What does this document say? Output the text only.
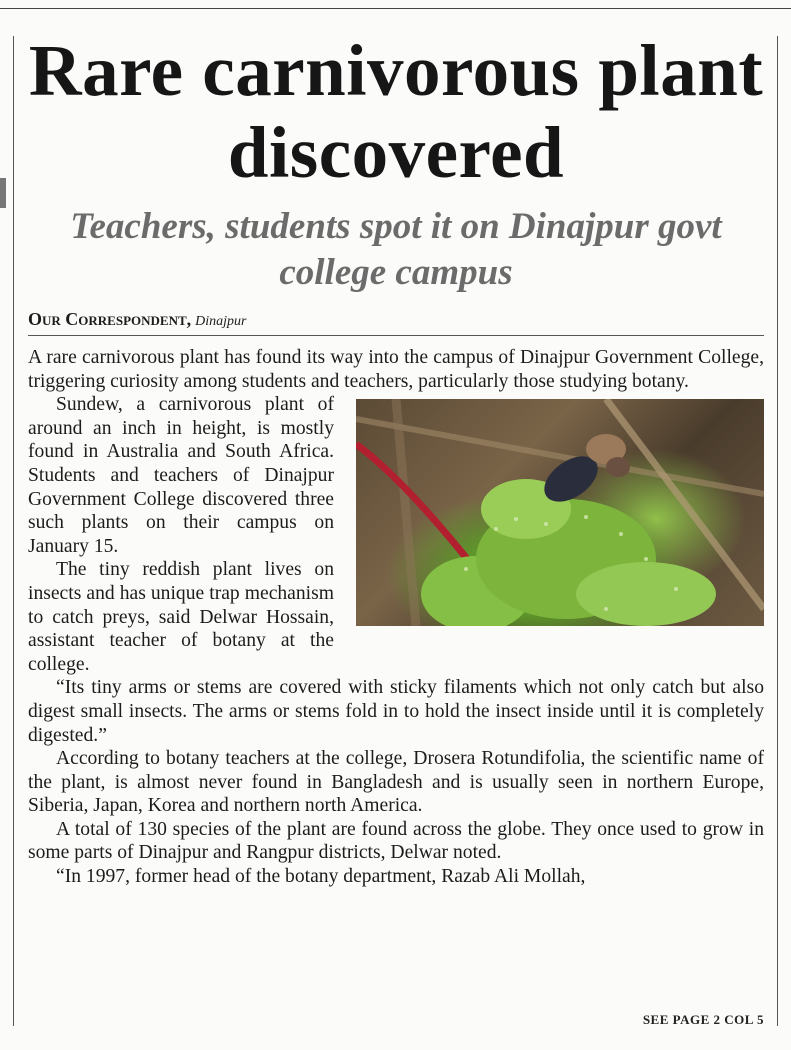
Rare carnivorous plant discovered
Teachers, students spot it on Dinajpur govt college campus
Our Correspondent, Dinajpur

A rare carnivorous plant has found its way into the campus of Dinajpur Government College, triggering curiosity among students and teachers, particularly those studying botany.

Sundew, a carnivorous plant of around an inch in height, is mostly found in Australia and South Africa. Students and teachers of Dinajpur Government College discovered three such plants on their campus on January 15.

The tiny reddish plant lives on insects and has unique trap mechanism to catch preys, said Delwar Hossain, assistant teacher of botany at the college.

“Its tiny arms or stems are covered with sticky filaments which not only catch but also digest small insects. The arms or stems fold in to hold the insect inside until it is completely digested.”

According to botany teachers at the college, Drosera Rotundifolia, the scientific name of the plant, is almost never found in Bangladesh and is usually seen in northern Europe, Siberia, Japan, Korea and northern north America.

A total of 130 species of the plant are found across the globe. They once used to grow in some parts of Dinajpur and Rangpur districts, Delwar noted.

“In 1997, former head of the botany department, Razab Ali Mollah,

SEE PAGE 2 COL 5
